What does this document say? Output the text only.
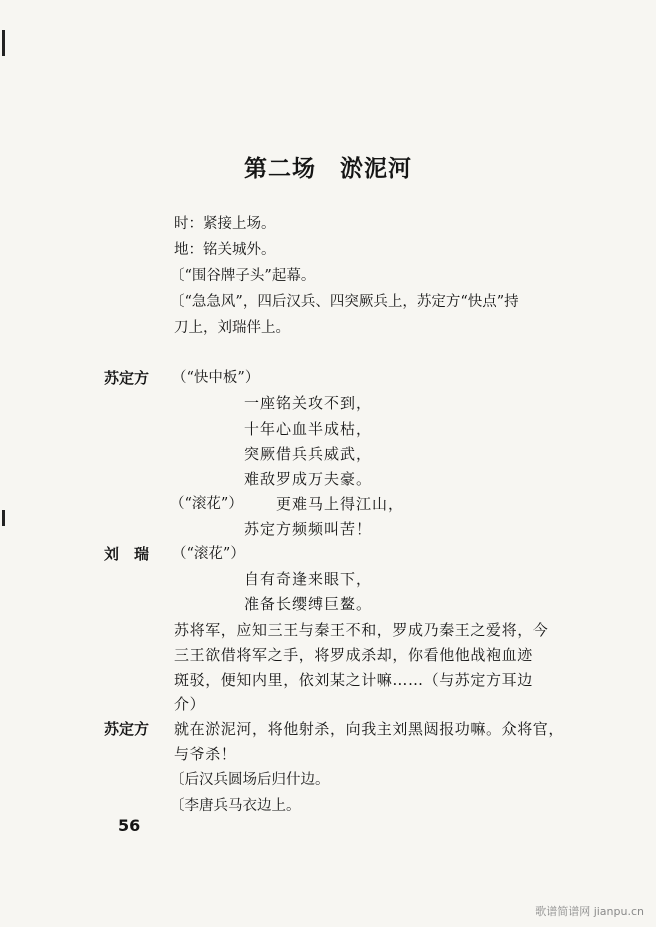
第二场　淤泥河
时：紧接上场。
地：铭关城外。
〔“围谷牌子头”起幕。
〔“急急风”，四后汉兵、四突厥兵上，苏定方“快点”持
刀上，刘瑞伴上。
苏定方 （“快中板”）
一座铭关攻不到，
十年心血半成枯，
突厥借兵兵威武，
难敌罗成万夫豪。
（“滚花”） 更难马上得江山，
苏定方频频叫苦！
刘　瑞 （“滚花”）
自有奇逢来眼下，
准备长缨缚巨鳌。
苏将军，应知三王与秦王不和，罗成乃秦王之爱将，今
三王欲借将军之手，将罗成杀却，你看他他战袍血迹
斑驳，便知内里，依刘某之计嘛……（与苏定方耳边
介）
苏定方 就在淤泥河，将他射杀，向我主刘黑闼报功嘛。众将官，
与爷杀！
〔后汉兵圆场后归什边。
〔李唐兵马衣边上。
56
歌谱简谱网 jianpu.cn
